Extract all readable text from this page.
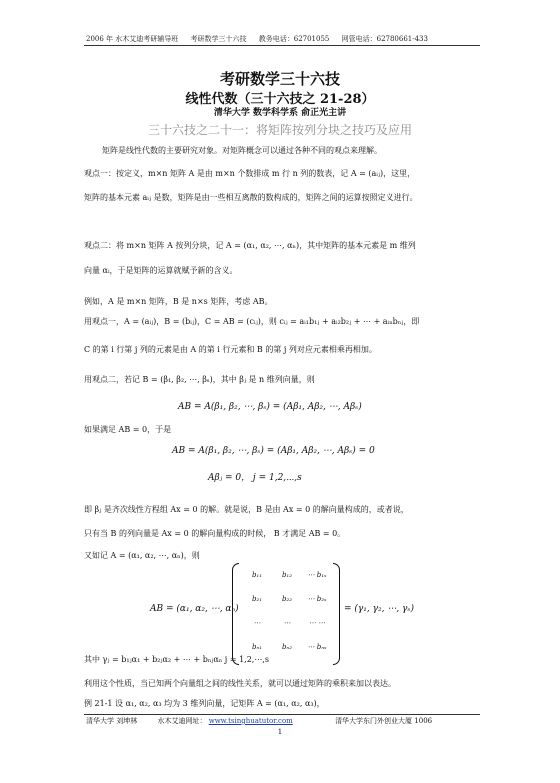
2006 年 水木艾迪考研辅导班 考研数学三十六技 教务电话：62701055 网管电话：62780661-433
考研数学三十六技
线性代数（三十六技之 21-28）
清华大学 数学科学系 俞正光主讲
三十六技之二十一：将矩阵按列分块之技巧及应用
矩阵是线性代数的主要研究对象。对矩阵概念可以通过各种不同的观点来理解。
观点一：按定义，m×n 矩阵 A 是由 m×n 个数排成 m 行 n 列的数表，记 A = (aᵢⱼ)，这里，
矩阵的基本元素 aᵢⱼ 是数，矩阵是由一些相互离散的数构成的，矩阵之间的运算按照定义进行。
观点二：将 m×n 矩阵 A 按列分块，记 A = (α₁, α₂, ⋯, αₙ)，其中矩阵的基本元素是 m 维列
向量 αᵢ，于是矩阵的运算就赋予新的含义。
例如，A 是 m×n 矩阵，B 是 n×s 矩阵，考虑 AB。
用观点一，A = (aᵢⱼ)，B = (bᵢⱼ)，C = AB = (cᵢⱼ)，则 cᵢⱼ = aᵢ₁b₁ⱼ + aᵢ₂b₂ⱼ + ⋯ + aᵢₙbₙⱼ，即
C 的第 i 行第 j 列的元素是由 A 的第 i 行元素和 B 的第 j 列对应元素相乘再相加。
用观点二，若记 B = (β₁, β₂, ⋯, βₛ)，其中 βⱼ 是 n 维列向量，则
AB = A(β₁, β₂, ⋯, βₛ) = (Aβ₁, Aβ₂, ⋯, Aβₛ)
如果满足 AB = 0，于是
AB = A(β₁, β₂, ⋯, βₛ) = (Aβ₁, Aβ₂, ⋯, Aβₛ) = 0
Aβⱼ = 0， j = 1,2,⋯,s
即 βⱼ 是齐次线性方程组 Ax = 0 的解。就是说，B 是由 Ax = 0 的解向量构成的，或者说，
只有当 B 的列向量是 Ax = 0 的解向量构成的时候， B 才满足 AB = 0。
又如记 A = (α₁, α₂, ⋯, αₙ)，则
AB = (α₁, α₂, ⋯, αₙ)
b₁₁	b₁₂ ⋯ b₁ₛ
b₂₁	b₂₂ ⋯ b₂ₛ
⋯	⋯	⋯ ⋯
bₙ₁	bₙ₂ ⋯ bₙₛ
= (γ₁, γ₂, ⋯, γₛ)
其中 γⱼ = b₁ⱼα₁ + b₂ⱼα₂ + ⋯ + bₙⱼαₙ j = 1,2,⋯,s
利用这个性质，当已知两个向量组之间的线性关系，就可以通过矩阵的乘积来加以表达。
例 21-1 设 α₁, α₂, α₃ 均为 3 维列向量，记矩阵 A = (α₁, α₂, α₃)，
清华大学 刘坤林	水木艾迪网址： www.tsinghuatutor.com	清华大学东门外创业大厦 1006
1
